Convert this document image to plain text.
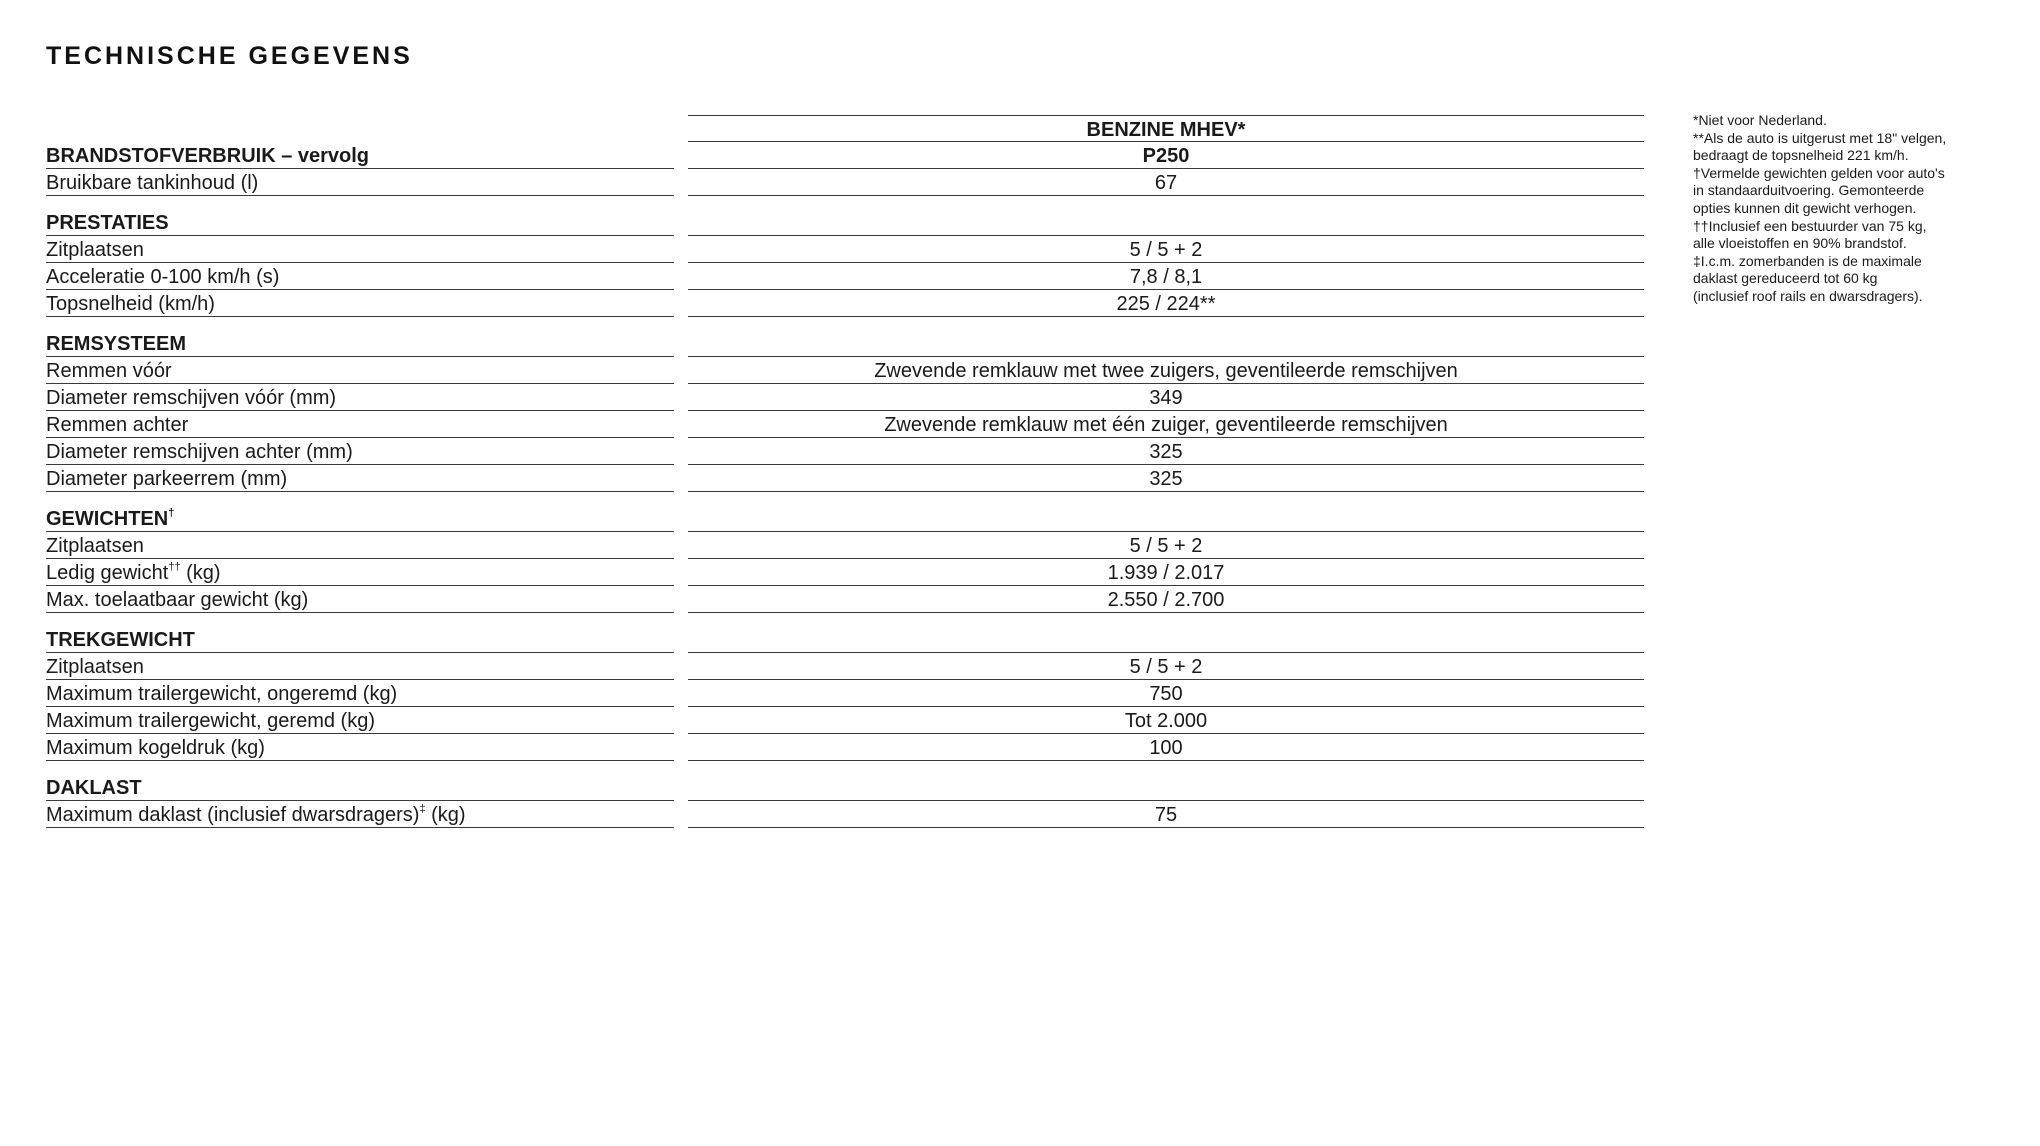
TECHNISCHE GEGEVENS
BRANDSTOFVERBRUIK – vervolg
Bruikbare tankinhoud (l)
PRESTATIES
Zitplaatsen
Acceleratie 0-100 km/h (s)
Topsnelheid (km/h)
REMSYSTEEM
Remmen vóór
Diameter remschijven vóór (mm)
Remmen achter
Diameter remschijven achter (mm)
Diameter parkeerrem (mm)
GEWICHTEN†
Zitplaatsen
Ledig gewicht†† (kg)
Max. toelaatbaar gewicht (kg)
TREKGEWICHT
Zitplaatsen
Maximum trailergewicht, ongeremd (kg)
Maximum trailergewicht, geremd (kg)
Maximum kogeldruk (kg)
DAKLAST
Maximum daklast (inclusief dwarsdragers)‡ (kg)
BENZINE MHEV*
P250
67
5 / 5 + 2
7,8 / 8,1
225 / 224**
Zwevende remklauw met twee zuigers, geventileerde remschijven
349
Zwevende remklauw met één zuiger, geventileerde remschijven
325
325
5 / 5 + 2
1.939 / 2.017
2.550 / 2.700
5 / 5 + 2
750
Tot 2.000
100
75
*Niet voor Nederland.
**Als de auto is uitgerust met 18" velgen,
bedraagt de topsnelheid 221 km/h.
†Vermelde gewichten gelden voor auto's
in standaarduitvoering. Gemonteerde
opties kunnen dit gewicht verhogen.
††Inclusief een bestuurder van 75 kg,
alle vloeistoffen en 90% brandstof.
‡I.c.m. zomerbanden is de maximale
daklast gereduceerd tot 60 kg
(inclusief roof rails en dwarsdragers).
